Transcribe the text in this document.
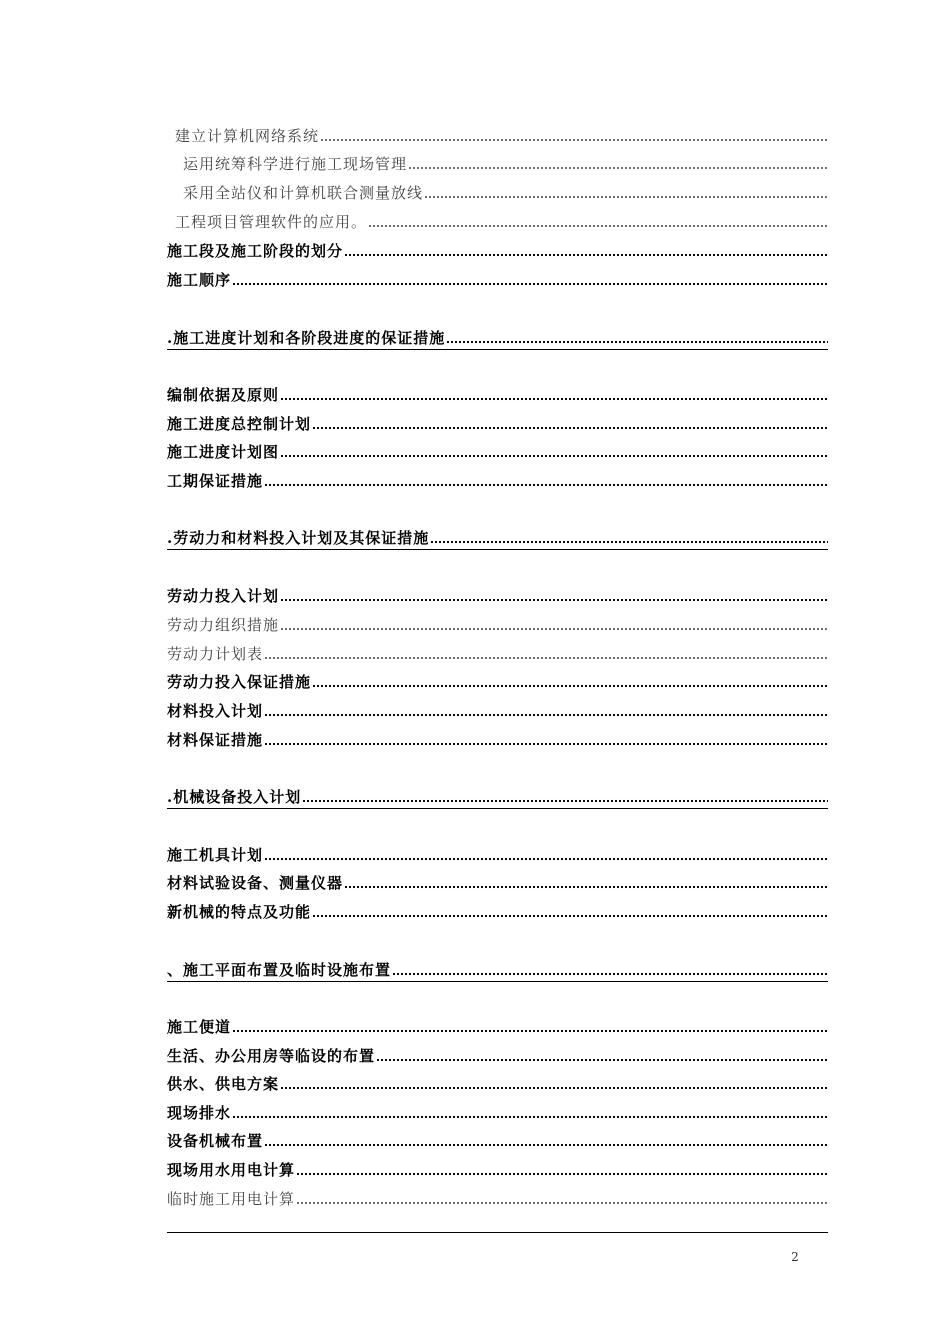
建立计算机网络系统
运用统筹科学进行施工现场管理
采用全站仪和计算机联合测量放线
工程项目管理软件的应用。
施工段及施工阶段的划分
施工顺序
.施工进度计划和各阶段进度的保证措施
编制依据及原则
施工进度总控制计划
施工进度计划图
工期保证措施
.劳动力和材料投入计划及其保证措施
劳动力投入计划
劳动力组织措施
劳动力计划表
劳动力投入保证措施
材料投入计划
材料保证措施
.机械设备投入计划
施工机具计划
材料试验设备、测量仪器
新机械的特点及功能
、施工平面布置及临时设施布置
施工便道
生活、办公用房等临设的布置
供水、供电方案
现场排水
设备机械布置
现场用水用电计算
临时施工用电计算
2
